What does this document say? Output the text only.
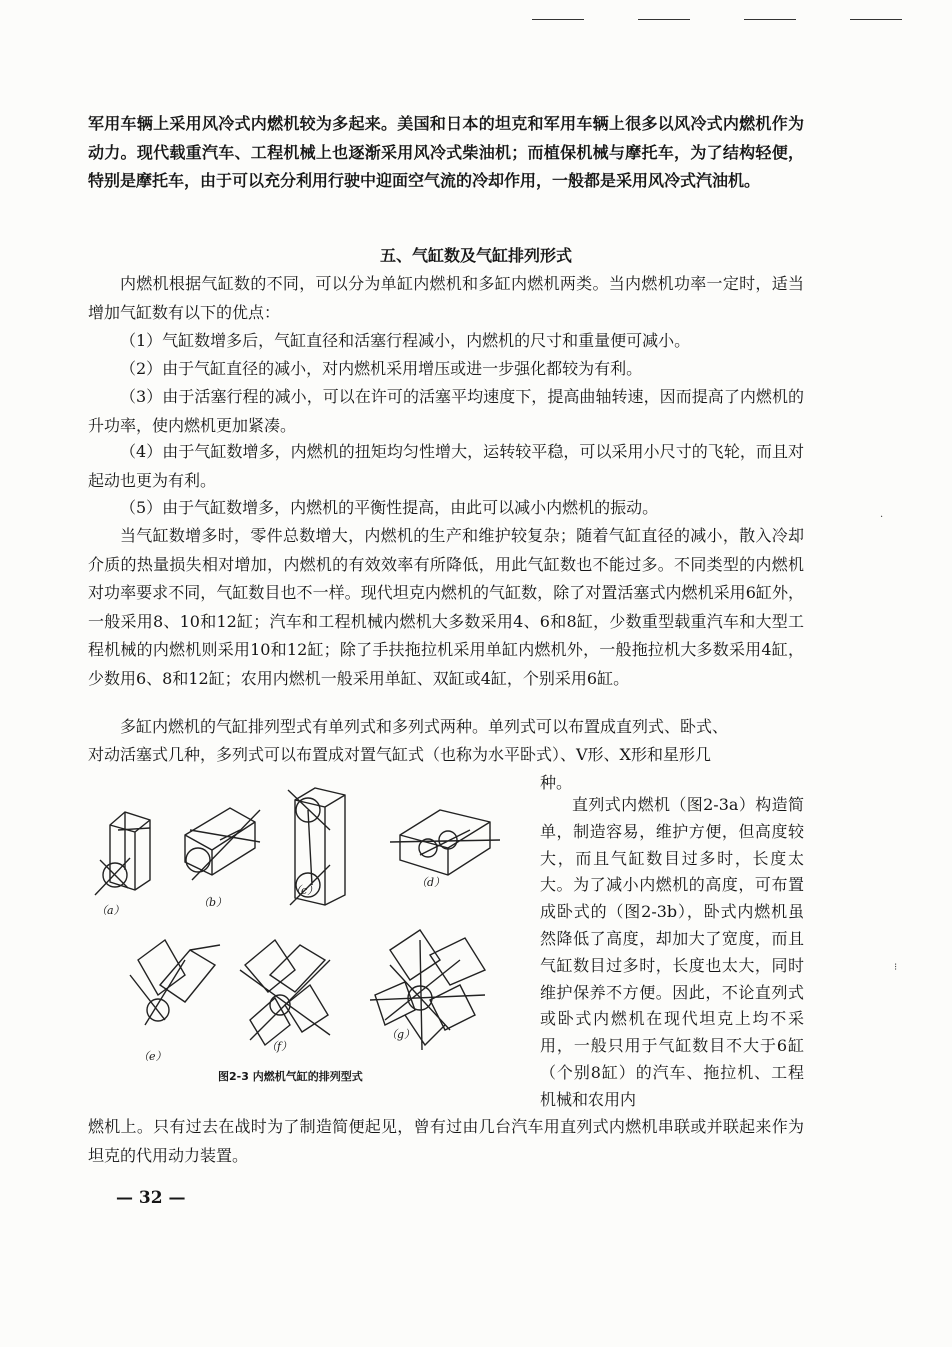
军用车辆上采用风冷式内燃机较为多起来。美国和日本的坦克和军用车辆上很多以风冷式内燃机作为动力。现代载重汽车、工程机械上也逐渐采用风冷式柴油机；而植保机械与摩托车，为了结构轻便，特别是摩托车，由于可以充分利用行驶中迎面空气流的冷却作用，一般都是采用风冷式汽油机。

五、气缸数及气缸排列形式

内燃机根据气缸数的不同，可以分为单缸内燃机和多缸内燃机两类。当内燃机功率一定时，适当增加气缸数有以下的优点：

（1）气缸数增多后，气缸直径和活塞行程减小，内燃机的尺寸和重量便可减小。

（2）由于气缸直径的减小，对内燃机采用增压或进一步强化都较为有利。

（3）由于活塞行程的减小，可以在许可的活塞平均速度下，提高曲轴转速，因而提高了内燃机的升功率，使内燃机更加紧凑。

（4）由于气缸数增多，内燃机的扭矩均匀性增大，运转较平稳，可以采用小尺寸的飞轮，而且对起动也更为有利。

（5）由于气缸数增多，内燃机的平衡性提高，由此可以减小内燃机的振动。

当气缸数增多时，零件总数增大，内燃机的生产和维护较复杂；随着气缸直径的减小，散入冷却介质的热量损失相对增加，内燃机的有效效率有所降低，用此气缸数也不能过多。不同类型的内燃机对功率要求不同，气缸数目也不一样。现代坦克内燃机的气缸数，除了对置活塞式内燃机采用6缸外，一般采用8、10和12缸；汽车和工程机械内燃机大多数采用4、6和8缸，少数重型载重汽车和大型工程机械的内燃机则采用10和12缸；除了手扶拖拉机采用单缸内燃机外，一般拖拉机大多数采用4缸，少数用6、8和12缸；农用内燃机一般采用单缸、双缸或4缸，个别采用6缸。

多缸内燃机的气缸排列型式有单列式和多列式两种。单列式可以布置成直列式、卧式、
对动活塞式几种，多列式可以布置成对置气缸式（也称为水平卧式）、V形、X形和星形几
种。
（a）
（b）
（c）
（d）
（e）
（f）
（g）
图2-3 内燃机气缸的排列型式

直列式内燃机（图2-3a）构造简单，制造容易，维护方便，但高度较大，而且气缸数目过多时，长度太大。为了减小内燃机的高度，可布置成卧式的（图2-3b），卧式内燃机虽然降低了高度，却加大了宽度，而且气缸数目过多时，长度也太大，同时维护保养不方便。因此，不论直列式或卧式内燃机在现代坦克上均不采用，一般只用于气缸数目不大于6缸（个别8缸）的汽车、拖拉机、工程机械和农用内

燃机上。只有过去在战时为了制造简便起见，曾有过由几台汽车用直列式内燃机串联或并联起来作为坦克的代用动力装置。

— 32 —
⁝
·
